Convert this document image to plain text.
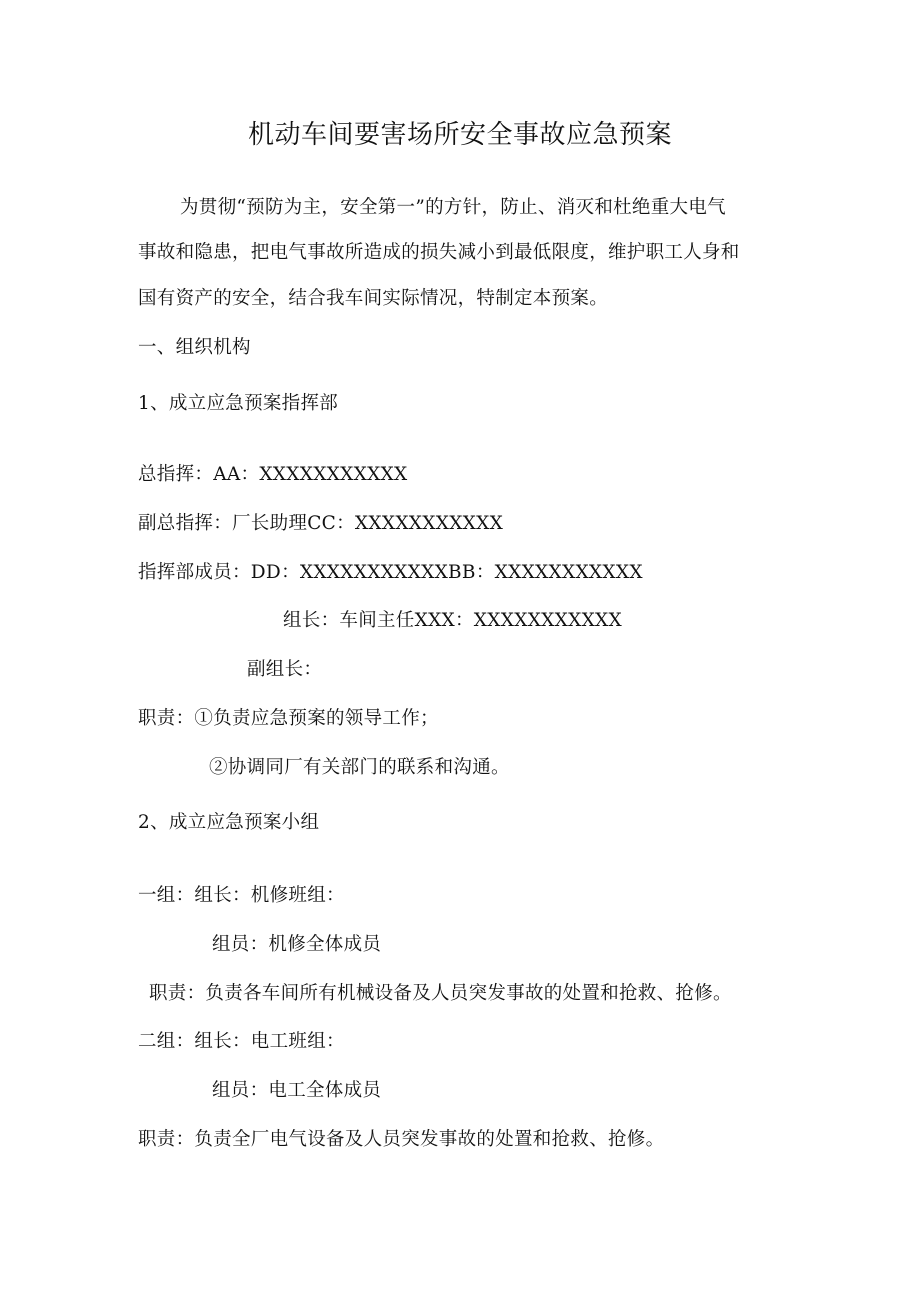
机动车间要害场所安全事故应急预案
为贯彻“预防为主，安全第一”的方针，防止、消灭和杜绝重大电气
事故和隐患，把电气事故所造成的损失减小到最低限度，维护职工人身和
国有资产的安全，结合我车间实际情况，特制定本预案。
一、组织机构
1、成立应急预案指挥部
总指挥：AA：XXXXXXXXXXX
副总指挥：厂长助理CC：XXXXXXXXXXX
指挥部成员：DD：XXXXXXXXXXXBB：XXXXXXXXXXX
组长：车间主任XXX：XXXXXXXXXXX
副组长：
职责：①负责应急预案的领导工作；
②协调同厂有关部门的联系和沟通。
2、成立应急预案小组
一组：组长：机修班组：
组员：机修全体成员
职责：负责各车间所有机械设备及人员突发事故的处置和抢救、抢修。
二组：组长：电工班组：
组员：电工全体成员
职责：负责全厂电气设备及人员突发事故的处置和抢救、抢修。
